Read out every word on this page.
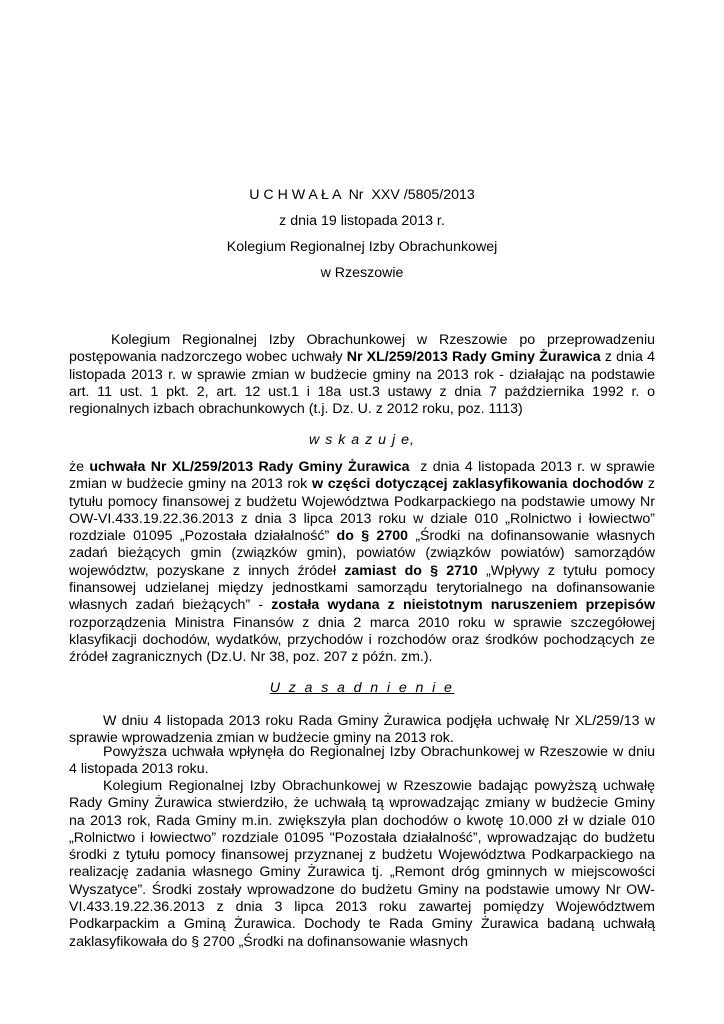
U C H W A Ł A  Nr  XXV /5805/2013
z dnia 19 listopada 2013 r.
Kolegium Regionalnej Izby Obrachunkowej
w Rzeszowie
Kolegium Regionalnej Izby Obrachunkowej w Rzeszowie po przeprowadzeniu postępowania nadzorczego wobec uchwały Nr XL/259/2013 Rady Gminy Żurawica z dnia 4 listopada 2013 r. w sprawie zmian w budżecie gminy na 2013 rok - działając na podstawie art. 11 ust. 1 pkt. 2, art. 12 ust.1 i 18a ust.3 ustawy z dnia 7 października 1992 r. o regionalnych izbach obrachunkowych (t.j. Dz. U. z 2012 roku, poz. 1113)
w s k a z u j e,
że uchwała Nr XL/259/2013 Rady Gminy Żurawica  z dnia 4 listopada 2013 r. w sprawie zmian w budżecie gminy na 2013 rok w części dotyczącej zaklasyfikowania dochodów z tytułu pomocy finansowej z budżetu Województwa Podkarpackiego na podstawie umowy Nr OW-VI.433.19.22.36.2013 z dnia 3 lipca 2013 roku w dziale 010 „Rolnictwo i łowiectwo” rozdziale 01095 „Pozostała działalność” do § 2700 „Środki na dofinansowanie własnych zadań bieżących gmin (związków gmin), powiatów (związków powiatów) samorządów województw, pozyskane z innych źródeł zamiast do § 2710 „Wpływy z tytułu pomocy finansowej udzielanej między jednostkami samorządu terytorialnego na dofinansowanie własnych zadań bieżących” - została wydana z nieistotnym naruszeniem przepisów rozporządzenia Ministra Finansów z dnia 2 marca 2010 roku w sprawie szczegółowej klasyfikacji dochodów, wydatków, przychodów i rozchodów oraz środków pochodzących ze źródeł zagranicznych (Dz.U. Nr 38, poz. 207 z późn. zm.).
U z a s a d n i e n i e
W dniu 4 listopada 2013 roku Rada Gminy Żurawica podjęła uchwałę Nr XL/259/13 w sprawie wprowadzenia zmian w budżecie gminy na 2013 rok.
Powyższa uchwała wpłynęła do Regionalnej Izby Obrachunkowej w Rzeszowie w dniu 4 listopada 2013 roku.
Kolegium Regionalnej Izby Obrachunkowej w Rzeszowie badając powyższą uchwałę Rady Gminy Żurawica stwierdziło, że uchwałą tą wprowadzając zmiany w budżecie Gminy na 2013 rok, Rada Gminy m.in. zwiększyła plan dochodów o kwotę 10.000 zł w dziale 010 „Rolnictwo i łowiectwo” rozdziale 01095 "Pozostała działalność”, wprowadzając do budżetu środki z tytułu pomocy finansowej przyznanej z budżetu Województwa Podkarpackiego na realizację zadania własnego Gminy Żurawica tj. „Remont dróg gminnych w miejscowości Wyszatyce”. Środki zostały wprowadzone do budżetu Gminy na podstawie umowy Nr OW-VI.433.19.22.36.2013 z dnia 3 lipca 2013 roku zawartej pomiędzy Województwem Podkarpackim a Gminą Żurawica. Dochody te Rada Gminy Żurawica badaną uchwałą zaklasyfikowała do § 2700 „Środki na dofinansowanie własnych
